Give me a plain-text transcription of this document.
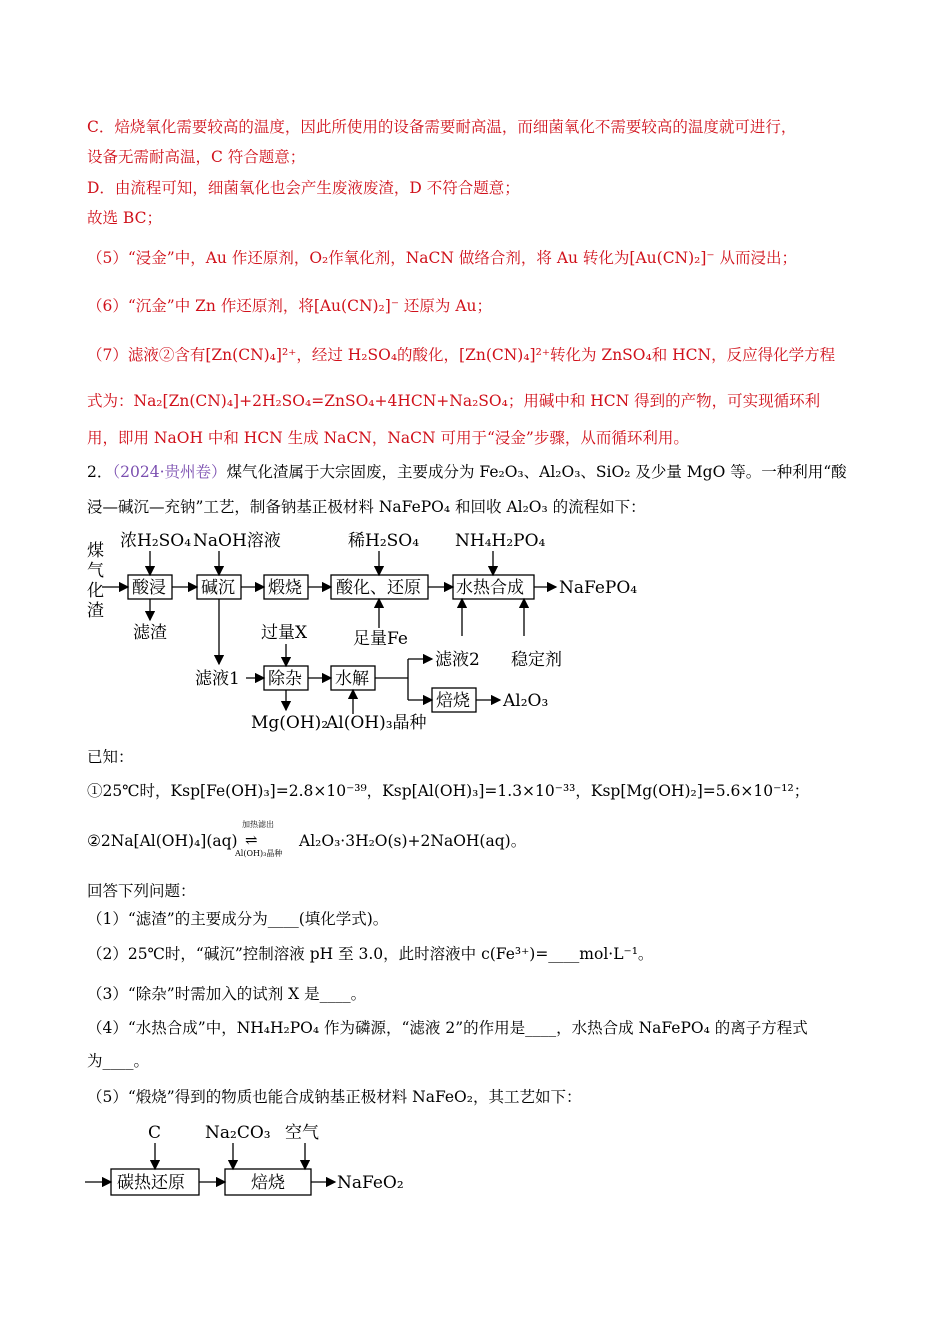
C．焙烧氧化需要较高的温度，因此所使用的设备需要耐高温，而细菌氧化不需要较高的温度就可进行，
设备无需耐高温，C 符合题意；
D．由流程可知，细菌氧化也会产生废液废渣，D 不符合题意；
故选 BC；
（5）“浸金”中，Au 作还原剂，O₂作氧化剂，NaCN 做络合剂，将 Au 转化为[Au(CN)₂]⁻ 从而浸出；
（6）“沉金”中 Zn 作还原剂，将[Au(CN)₂]⁻ 还原为 Au；
（7）滤液②含有[Zn(CN)₄]²⁺，经过 H₂SO₄的酸化，[Zn(CN)₄]²⁺转化为 ZnSO₄和 HCN，反应得化学方程
式为：Na₂[Zn(CN)₄]+2H₂SO₄=ZnSO₄+4HCN+Na₂SO₄；用碱中和 HCN 得到的产物，可实现循环利
用，即用 NaOH 中和 HCN 生成 NaCN，NaCN 可用于“浸金”步骤，从而循环利用。
2．（2024·贵州卷）煤气化渣属于大宗固废，主要成分为 Fe₂O₃、Al₂O₃、SiO₂ 及少量 MgO 等。一种利用“酸
浸—碱沉—充钠”工艺，制备钠基正极材料 NaFePO₄ 和回收 Al₂O₃ 的流程如下：
煤
气
化
渣
浓H₂SO₄ NaOH溶液	稀H₂SO₄ NH₄H₂PO₄
酸浸 碱沉 煅烧 酸化、还原 水热合成
除杂 水解
焙烧
NaFePO₄
滤渣
滤液1
过量X	足量Fe
滤液2 稳定剂
Mg(OH)₂
Al(OH)₃晶种
Al₂O₃
已知：
①25℃时，Ksp[Fe(OH)₃]=2.8×10⁻³⁹，Ksp[Al(OH)₃]=1.3×10⁻³³，Ksp[Mg(OH)₂]=5.6×10⁻¹²；
②2Na[Al(OH)₄](aq)
加热滤出
⇌
Al(OH)₃晶种
Al₂O₃·3H₂O(s)+2NaOH(aq)。
回答下列问题：
（1）“滤渣”的主要成分为____(填化学式)。
（2）25℃时，“碱沉”控制溶液 pH 至 3.0，此时溶液中 c(Fe³⁺)=____mol·L⁻¹。
（3）“除杂”时需加入的试剂 X 是____。
（4）“水热合成”中，NH₄H₂PO₄ 作为磷源，“滤液 2”的作用是____，水热合成 NaFePO₄ 的离子方程式
为____。
（5）“煅烧”得到的物质也能合成钠基正极材料 NaFeO₂，其工艺如下：
C	Na₂CO₃ 空气
碳热还原	焙烧	NaFeO₂
